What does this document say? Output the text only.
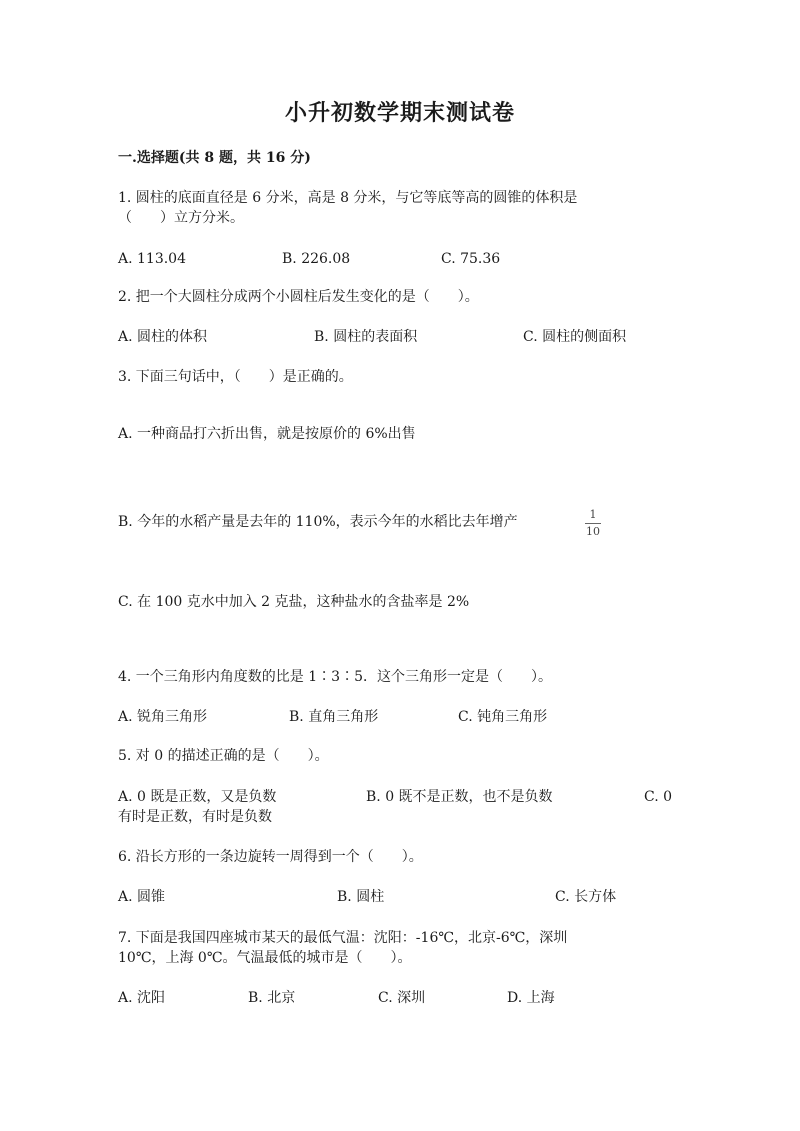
小升初数学期末测试卷
一.选择题(共 8 题，共 16 分)
1. 圆柱的底面直径是 6 分米，高是 8 分米，与它等底等高的圆锥的体积是
（　　）立方分米。
A. 113.04	B. 226.08	C. 75.36
2. 把一个大圆柱分成两个小圆柱后发生变化的是（　　）。
A. 圆柱的体积	B. 圆柱的表面积	C. 圆柱的侧面积
3. 下面三句话中，（　　）是正确的。
A. 一种商品打六折出售，就是按原价的 6%出售
B. 今年的水稻产量是去年的 110%，表示今年的水稻比去年增产	1
10
C. 在 100 克水中加入 2 克盐，这种盐水的含盐率是 2%
4. 一个三角形内角度数的比是 1∶3∶5．这个三角形一定是（　　）。
A. 锐角三角形	B. 直角三角形	C. 钝角三角形
5. 对 0 的描述正确的是（　　）。
A. 0 既是正数，又是负数	B. 0 既不是正数，也不是负数	C. 0
有时是正数，有时是负数
6. 沿长方形的一条边旋转一周得到一个（　　）。
A. 圆锥	B. 圆柱	C. 长方体
7. 下面是我国四座城市某天的最低气温：沈阳：-16℃，北京-6℃，深圳
10℃，上海 0℃。气温最低的城市是（　　）。
A. 沈阳	B. 北京	C. 深圳	D. 上海
